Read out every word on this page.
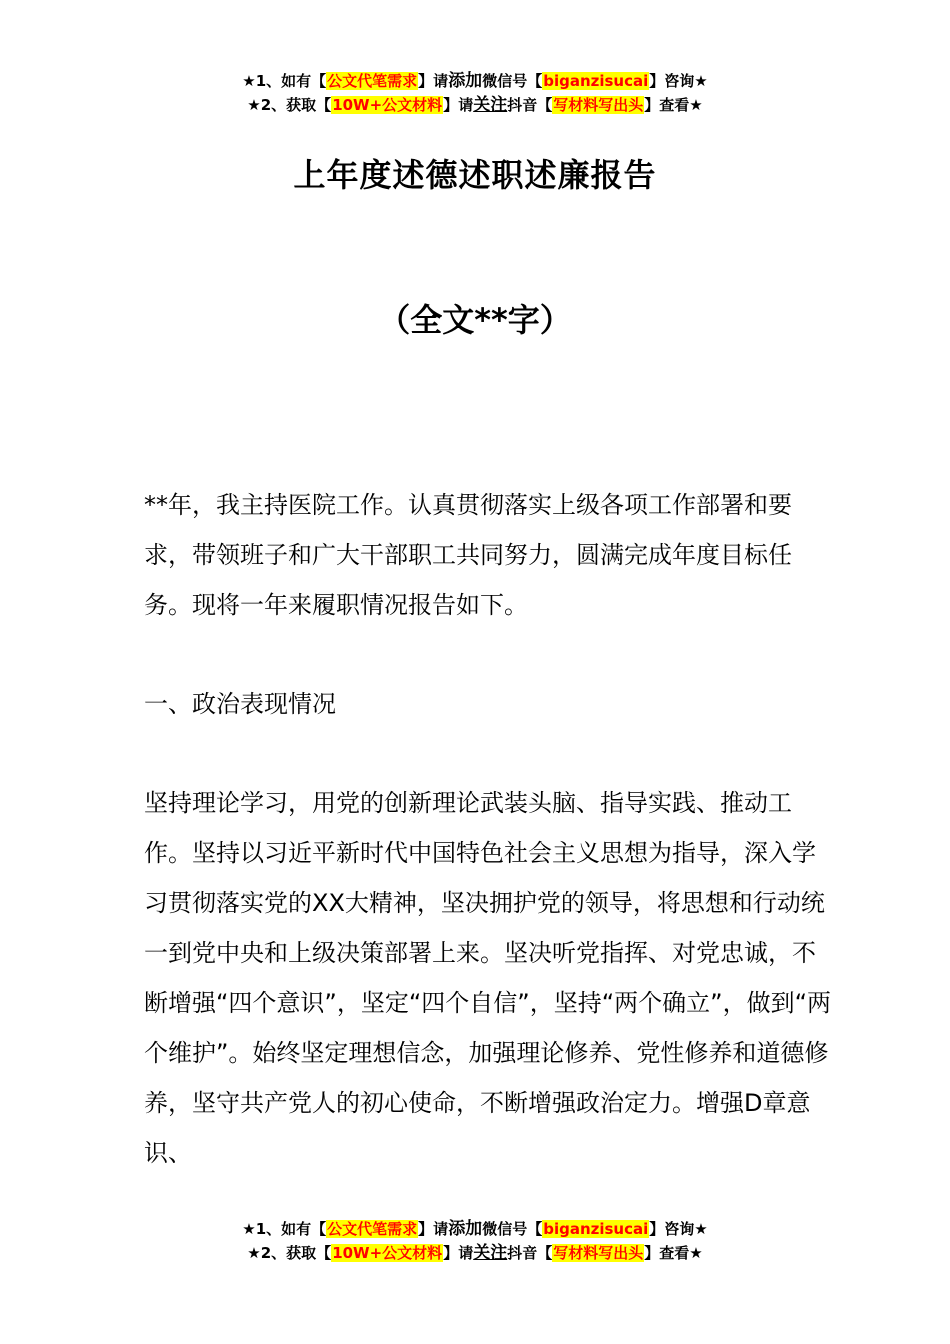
★1、如有【公文代笔需求】请添加微信号【biganzisucai】咨询★
★2、获取【10W+公文材料】请关注抖音【写材料写出头】查看★
上年度述德述职述廉报告
（全文**字）

**年，我主持医院工作。认真贯彻落实上级各项工作部署和要求，带领班子和广大干部职工共同努力，圆满完成年度目标任务。现将一年来履职情况报告如下。

一、政治表现情况

坚持理论学习，用党的创新理论武装头脑、指导实践、推动工作。坚持以习近平新时代中国特色社会主义思想为指导，深入学习贯彻落实党的XX大精神，坚决拥护党的领导，将思想和行动统一到党中央和上级决策部署上来。坚决听党指挥、对党忠诚，不断增强“四个意识”，坚定“四个自信”，坚持“两个确立”，做到“两个维护”。始终坚定理想信念，加强理论修养、党性修养和道德修养，坚守共产党人的初心使命，不断增强政治定力。增强D章意识、

★1、如有【公文代笔需求】请添加微信号【biganzisucai】咨询★
★2、获取【10W+公文材料】请关注抖音【写材料写出头】查看★
